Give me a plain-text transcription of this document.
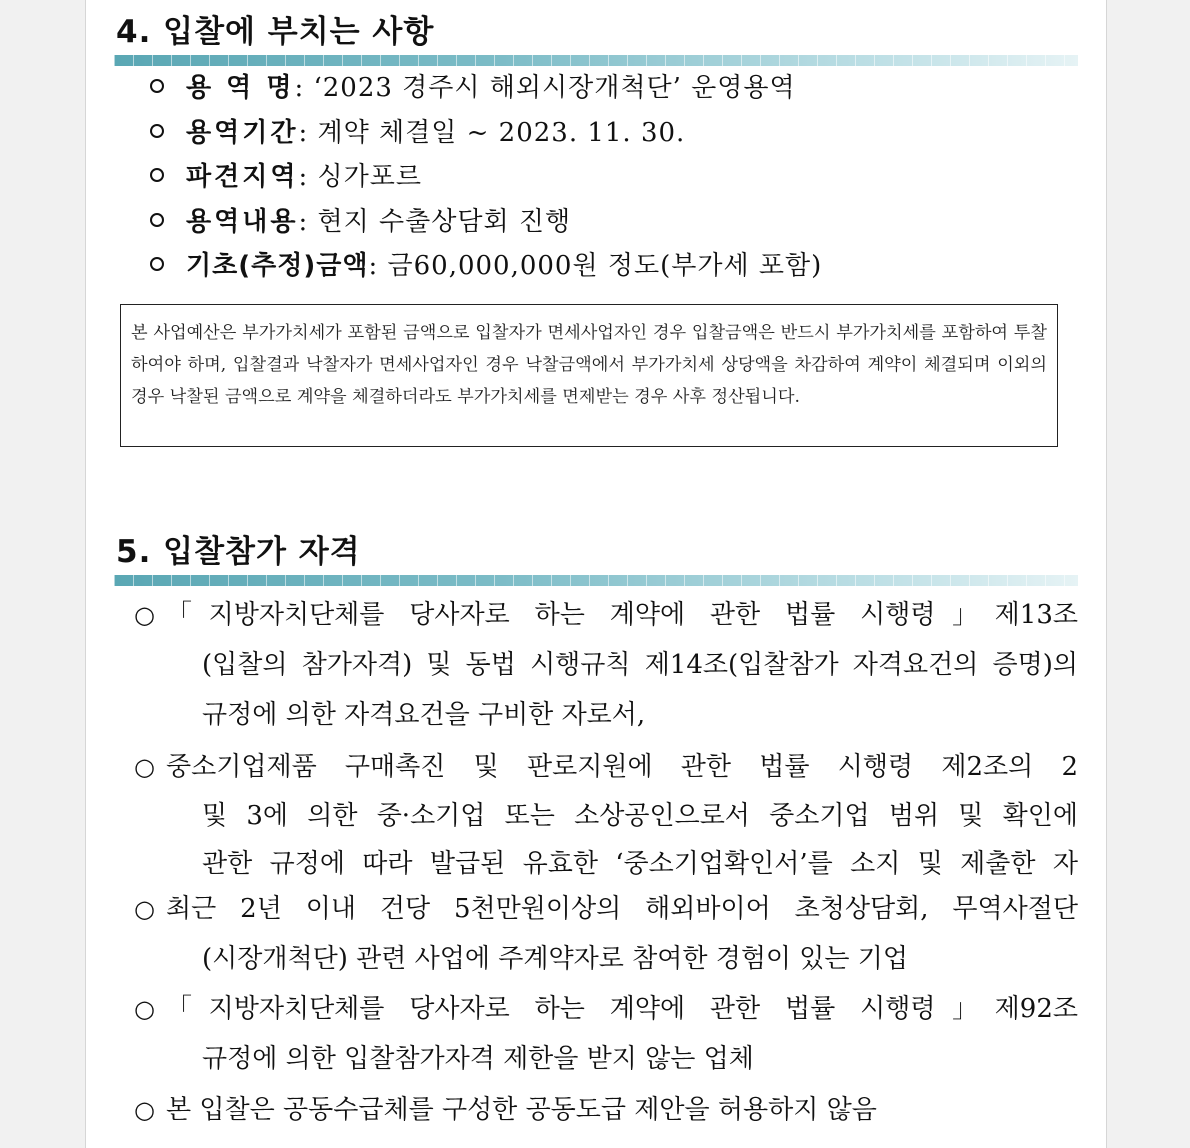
4. 입찰에 부치는 사항
용 역 명: ‘2023 경주시 해외시장개척단’ 운영용역
용역기간: 계약 체결일 ~ 2023. 11. 30.
파견지역: 싱가포르
용역내용: 현지 수출상담회 진행
기초(추정)금액: 금60,000,000원 정도(부가세 포함)
본 사업예산은 부가가치세가 포함된 금액으로 입찰자가 면세사업자인 경우 입찰금액은 반드시 부가가치세를 포함하여 투찰하여야 하며, 입찰결과 낙찰자가 면세사업자인 경우 낙찰금액에서 부가가치세 상당액을 차감하여 계약이 체결되며 이외의 경우 낙찰된 금액으로 계약을 체결하더라도 부가가치세를 면제받는 경우 사후 정산됩니다.
5. 입찰참가 자격
○ 「지방자치단체를 당사자로 하는 계약에 관한 법률 시행령」제13조
(입찰의 참가자격) 및 동법 시행규칙 제14조(입찰참가 자격요건의 증명)의
규정에 의한 자격요건을 구비한 자로서,
○ 중소기업제품 구매촉진 및 판로지원에 관한 법률 시행령 제2조의 2
및 3에 의한 중·소기업 또는 소상공인으로서 중소기업 범위 및 확인에
관한 규정에 따라 발급된 유효한 ‘중소기업확인서’를 소지 및 제출한 자
○ 최근 2년 이내 건당 5천만원이상의 해외바이어 초청상담회, 무역사절단
(시장개척단) 관련 사업에 주계약자로 참여한 경험이 있는 기업
○ 「지방자치단체를 당사자로 하는 계약에 관한 법률 시행령」제92조
규정에 의한 입찰참가자격 제한을 받지 않는 업체
○ 본 입찰은 공동수급체를 구성한 공동도급 제안을 허용하지 않음
